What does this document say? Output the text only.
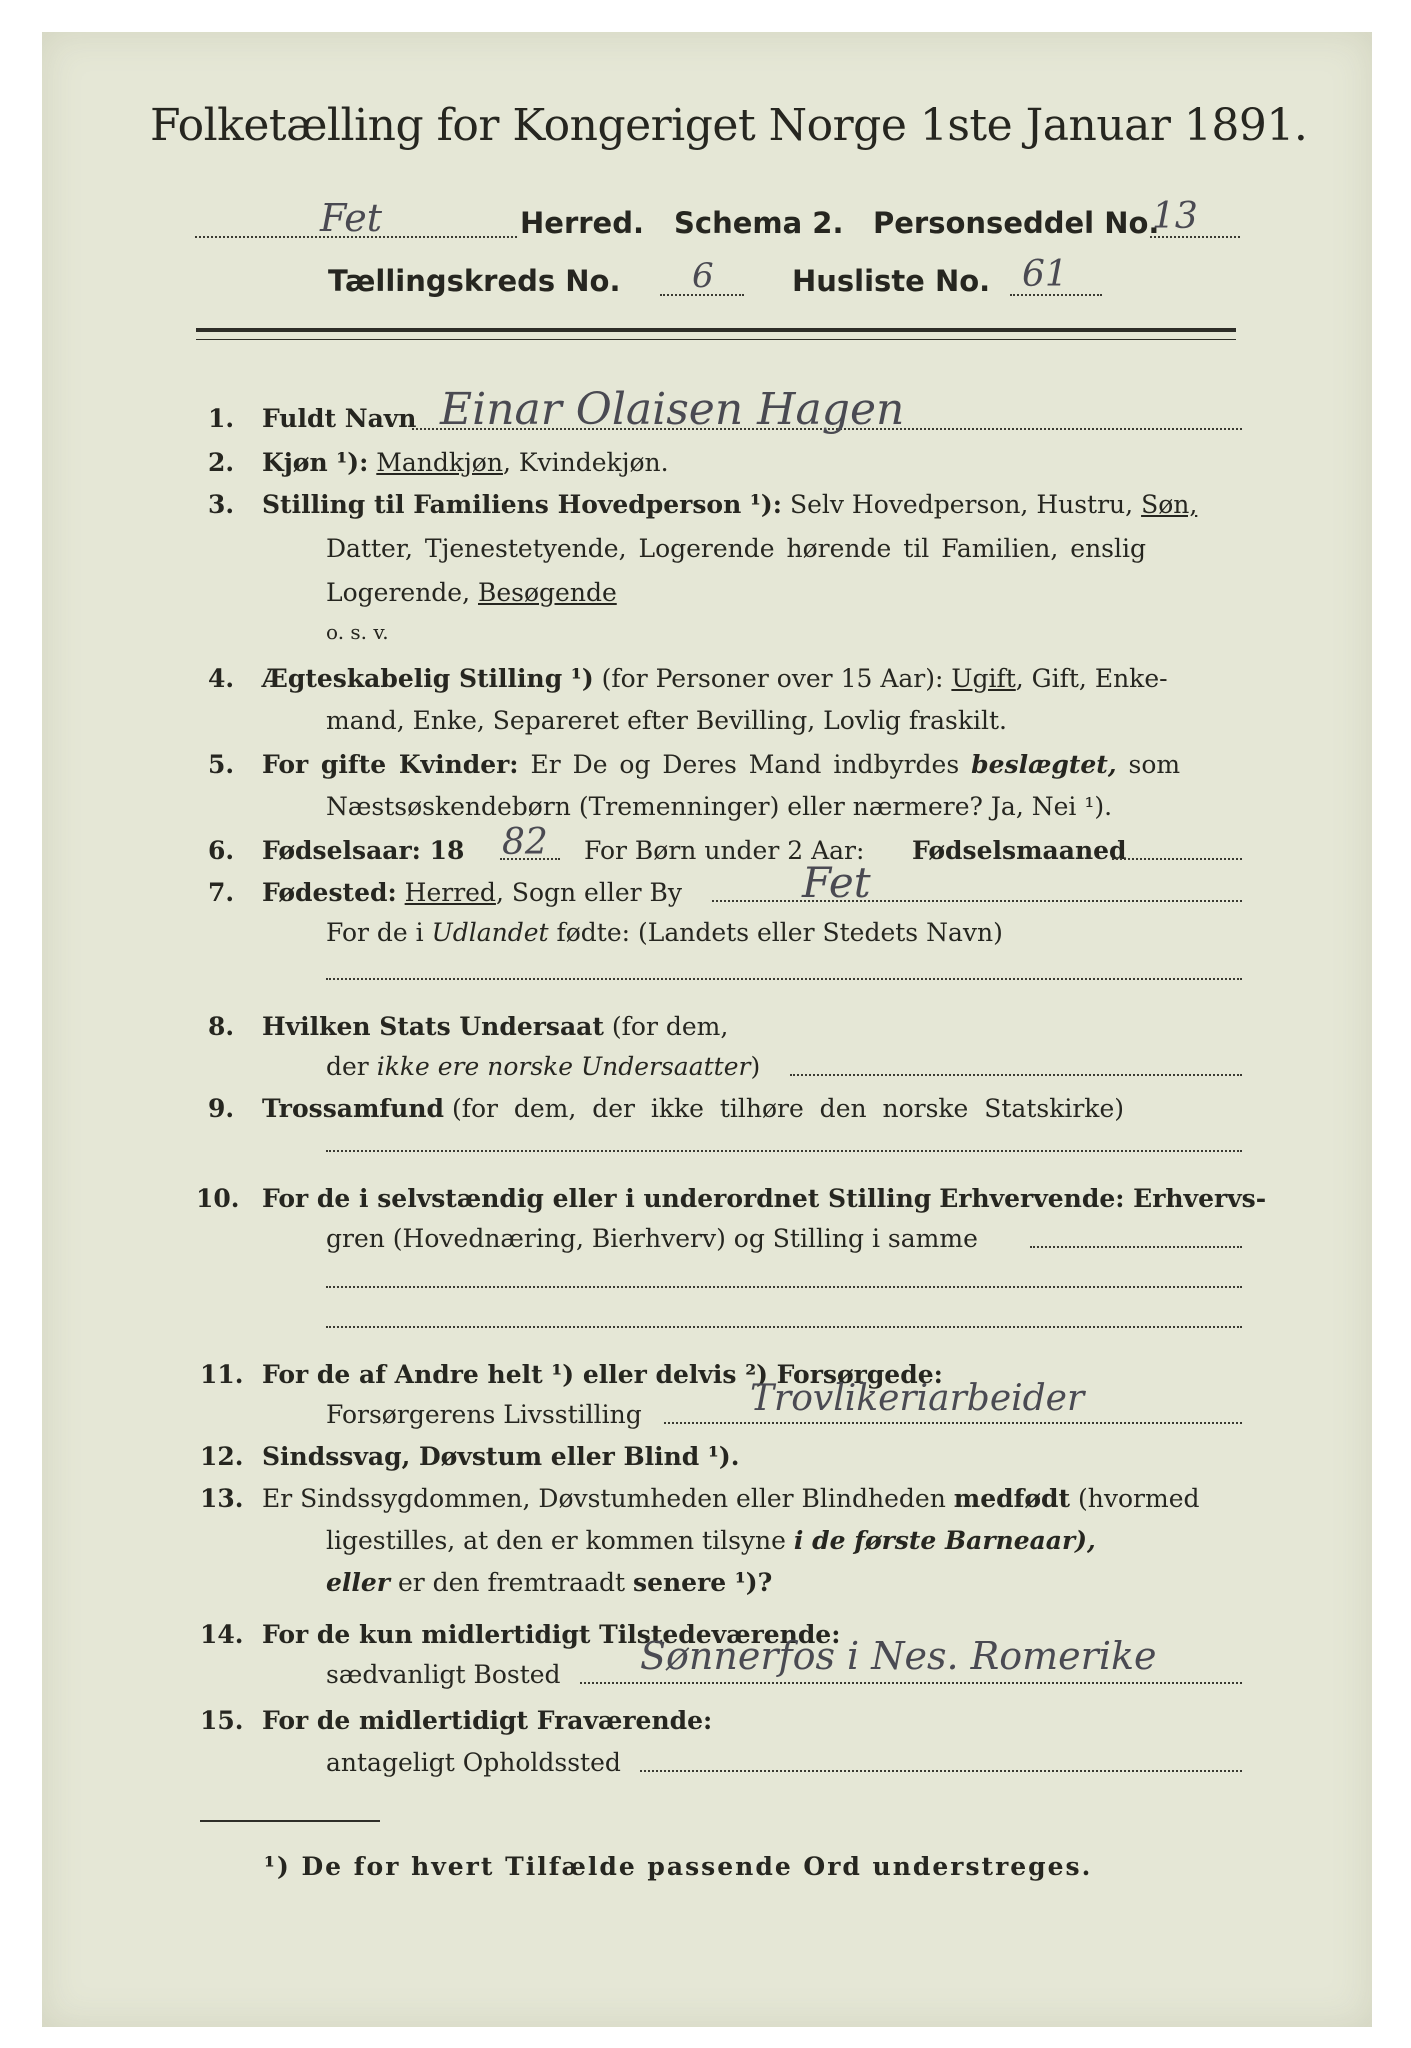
Folketælling for Kongeriget Norge 1ste Januar 1891.
Fet	Herred. Schema 2. Personseddel No.
13
Tællingskreds No. 6	Husliste No. 61
1. Fuldt Navn Einar Olaisen Hagen
2. Kjøn ¹): Mandkjøn, Kvindekjøn.
3. Stilling til Familiens Hovedperson ¹): Selv Hovedperson, Hustru, Søn,
Datter, Tjenestetyende, Logerende hørende til Familien, enslig
Logerende, Besøgende
o. s. v.
4. Ægteskabelig Stilling ¹) (for Personer over 15 Aar): Ugift, Gift, Enke-
mand, Enke, Separeret efter Bevilling, Lovlig fraskilt.
5. For gifte Kvinder: Er De og Deres Mand indbyrdes beslægtet, som
Næstsøskendebørn (Tremenninger) eller nærmere? Ja, Nei ¹).
6. Fødselsaar: 18 82 For Børn under 2 Aar: Fødselsmaaned
7. Fødested: Herred, Sogn eller By	Fet
For de i Udlandet fødte: (Landets eller Stedets Navn)
8. Hvilken Stats Undersaat (for dem,
der ikke ere norske Undersaatter)
9. Trossamfund (for  dem,  der  ikke  tilhøre  den  norske  Statskirke)
10. For de i selvstændig eller i underordnet Stilling Erhvervende: Erhvervs-
gren (Hovednæring, Bierhverv) og Stilling i samme
11. For de af Andre helt ¹) eller delvis ²) Forsørgede:
Forsørgerens Livsstilling	Trovlikeriarbeider
12. Sindssvag, Døvstum eller Blind ¹).
13. Er Sindssygdommen, Døvstumheden eller Blindheden medfødt (hvormed
ligestilles, at den er kommen tilsyne i de første Barneaar),
eller er den fremtraadt senere ¹)?
14. For de kun midlertidigt Tilstedeværende:
sædvanligt Bosted Sønnerfos i Nes. Romerike
15. For de midlertidigt Fraværende:
antageligt Opholdssted
¹) De for hvert Tilfælde passende Ord understreges.
